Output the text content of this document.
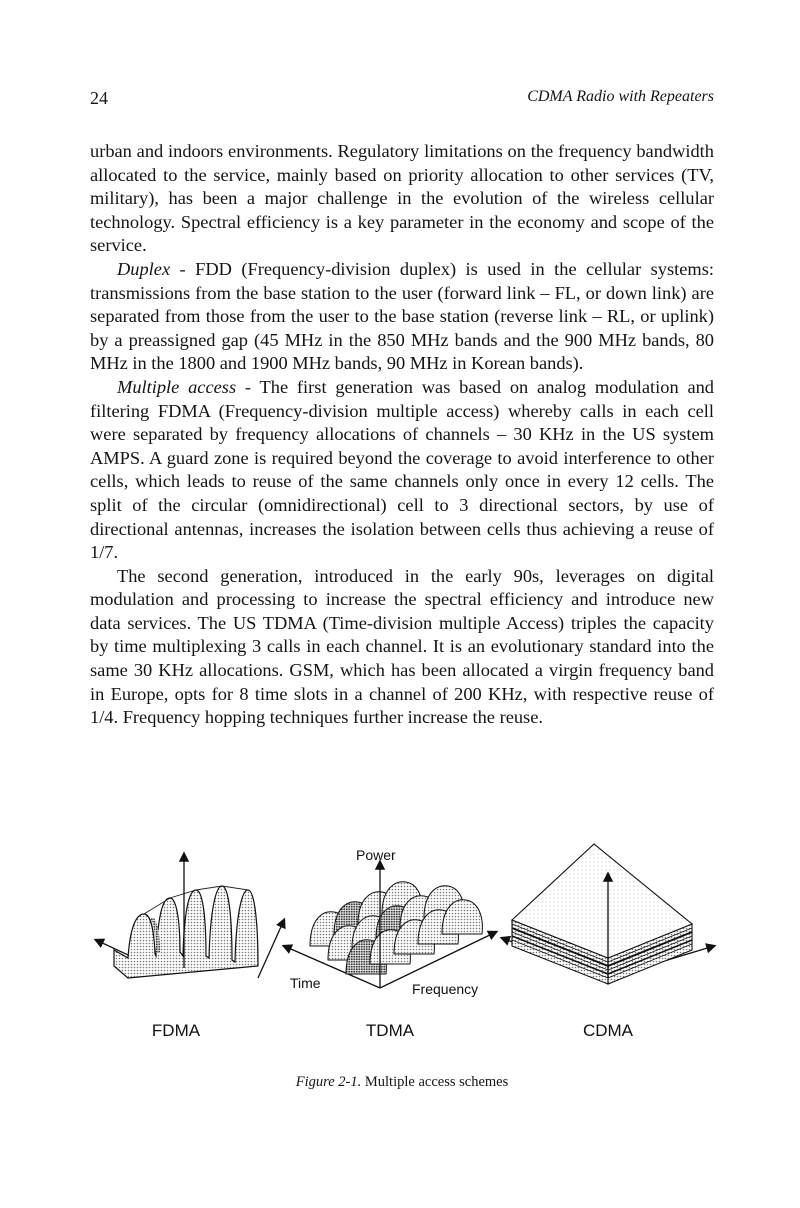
24	CDMA Radio with Repeaters

urban and indoors environments. Regulatory limitations on the frequency bandwidth allocated to the service, mainly based on priority allocation to other services (TV, military), has been a major challenge in the evolution of the wireless cellular technology. Spectral efficiency is a key parameter in the economy and scope of the service.

Duplex - FDD (Frequency-division duplex) is used in the cellular systems: transmissions from the base station to the user (forward link – FL, or down link) are separated from those from the user to the base station (reverse link – RL, or uplink) by a preassigned gap (45 MHz in the 850 MHz bands and the 900 MHz bands, 80 MHz in the 1800 and 1900 MHz bands, 90 MHz in Korean bands).

Multiple access - The first generation was based on analog modulation and filtering FDMA (Frequency-division multiple access) whereby calls in each cell were separated by frequency allocations of channels – 30 KHz in the US system AMPS. A guard zone is required beyond the coverage to avoid interference to other cells, which leads to reuse of the same channels only once in every 12 cells. The split of the circular (omnidirectional) cell to 3 directional sectors, by use of directional antennas, increases the isolation between cells thus achieving a reuse of 1/7.

The second generation, introduced in the early 90s, leverages on digital modulation and processing to increase the spectral efficiency and introduce new data services. The US TDMA (Time-division multiple Access) triples the capacity by time multiplexing 3 calls in each channel. It is an evolutionary standard into the same 30 KHz allocations. GSM, which has been allocated a virgin frequency band in Europe, opts for 8 time slots in a channel of 200 KHz, with respective reuse of 1/4. Frequency hopping techniques further increase the reuse.

Power
Time	Frequency
FDMA	TDMA	CDMA
Figure 2-1. Multiple access schemes
